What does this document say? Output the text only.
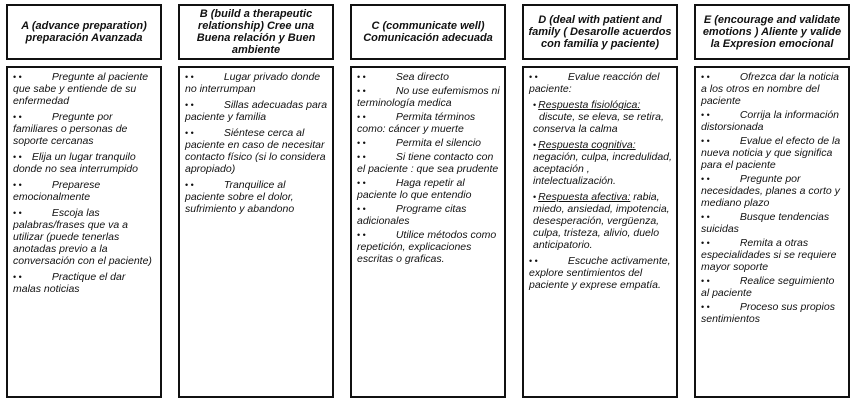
A (advance preparation) preparación Avanzada
• •	Pregunte al paciente que sabe y entiende de su enfermedad
• •	Pregunte por familiares o personas de soporte cercanas
• • Elija un lugar tranquilo donde no sea interrumpido
• •	Preparese emocionalmente
• •	Escoja las palabras/frases que va a utilizar (puede tenerlas anotadas previo a la conversación con el paciente)
• •	Practique el dar malas noticias
B (build a therapeutic relationship) Cree una Buena relación y Buen ambiente
• •	Lugar privado donde no interrumpan
• •	Sillas adecuadas para paciente y familia
• •	Siéntese cerca al paciente en caso de necesitar contacto físico (si lo considera apropiado)
• •	Tranquilice al paciente sobre el dolor, sufrimiento y abandono
C (communicate well) Comunicación adecuada
• •	Sea directo
• •	No use eufemismos ni terminología medica
• •	Permita términos como: cáncer y muerte
• •	Permita el silencio
• •	Si tiene contacto con el paciente : que sea prudente
• •	Haga repetir al paciente lo que entendio
• •	Programe citas adicionales
• •	Utilice métodos como repetición, explicaciones escritas o graficas.
D (deal with patient and family ( Desarolle acuerdos con familia y paciente)
• •	Evalue reacción del paciente:
• Respuesta fisiológica: discute, se eleva, se retira, conserva la calma
• Respuesta cognitiva: negación, culpa, incredulidad, aceptación , intelectualización.
• Respuesta afectiva: rabia, miedo, ansiedad, impotencia, desesperación, vergüenza, culpa, tristeza, alivio, duelo anticipatorio.
• •	Escuche activamente, explore sentimientos del paciente y exprese empatía.
E (encourage and validate emotions ) Aliente y valide la Expresion emocional
• •	Ofrezca dar la noticia a los otros en nombre del paciente
• •	Corrija la información distorsionada
• •	Evalue el efecto de la nueva noticia y que significa para el paciente
• •	Pregunte por necesidades, planes a corto y mediano plazo
• •	Busque tendencias suicidas
• •	Remita a otras especialidades si se requiere mayor soporte
• •	Realice seguimiento al paciente
• •	Proceso sus propios sentimientos
